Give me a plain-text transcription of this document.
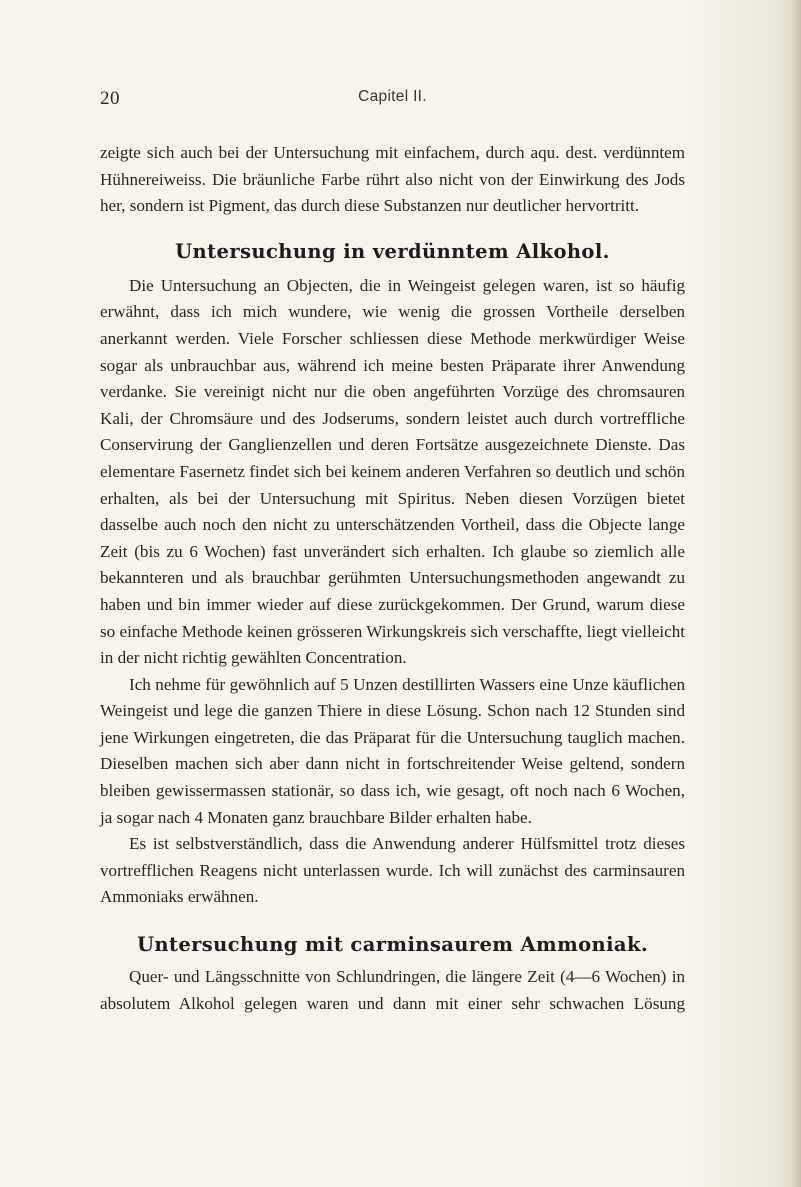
20	Capitel II.

zeigte sich auch bei der Untersuchung mit einfachem, durch aqu. dest. verdünntem Hühnereiweiss. Die bräunliche Farbe rührt also nicht von der Einwirkung des Jods her, sondern ist Pigment, das durch diese Substanzen nur deutlicher hervortritt.

Untersuchung in verdünntem Alkohol.

Die Untersuchung an Objecten, die in Weingeist gelegen waren, ist so häufig erwähnt, dass ich mich wundere, wie wenig die grossen Vortheile derselben anerkannt werden. Viele Forscher schliessen diese Methode merkwürdiger Weise sogar als unbrauchbar aus, während ich meine besten Präparate ihrer Anwendung verdanke. Sie vereinigt nicht nur die oben angeführten Vorzüge des chromsauren Kali, der Chromsäure und des Jodserums, sondern leistet auch durch vortreffliche Conservirung der Ganglienzellen und deren Fortsätze ausgezeichnete Dienste. Das elementare Fasernetz findet sich bei keinem anderen Verfahren so deutlich und schön erhalten, als bei der Untersuchung mit Spiritus. Neben diesen Vorzügen bietet dasselbe auch noch den nicht zu unterschätzenden Vortheil, dass die Objecte lange Zeit (bis zu 6 Wochen) fast unverändert sich erhalten. Ich glaube so ziemlich alle bekannteren und als brauchbar gerühmten Untersuchungsmethoden angewandt zu haben und bin immer wieder auf diese zurückgekommen. Der Grund, warum diese so einfache Methode keinen grösseren Wirkungskreis sich verschaffte, liegt vielleicht in der nicht richtig gewählten Concentration.

Ich nehme für gewöhnlich auf 5 Unzen destillirten Wassers eine Unze käuflichen Weingeist und lege die ganzen Thiere in diese Lösung. Schon nach 12 Stunden sind jene Wirkungen eingetreten, die das Präparat für die Untersuchung tauglich machen. Dieselben machen sich aber dann nicht in fortschreitender Weise geltend, sondern bleiben gewissermassen stationär, so dass ich, wie gesagt, oft noch nach 6 Wochen, ja sogar nach 4 Monaten ganz brauchbare Bilder erhalten habe.

Es ist selbstverständlich, dass die Anwendung anderer Hülfsmittel trotz dieses vortrefflichen Reagens nicht unterlassen wurde. Ich will zunächst des carminsauren Ammoniaks erwähnen.

Untersuchung mit carminsaurem Ammoniak.

Quer- und Längsschnitte von Schlundringen, die längere Zeit (4—6 Wochen) in absolutem Alkohol gelegen waren und dann mit einer sehr schwachen Lösung
